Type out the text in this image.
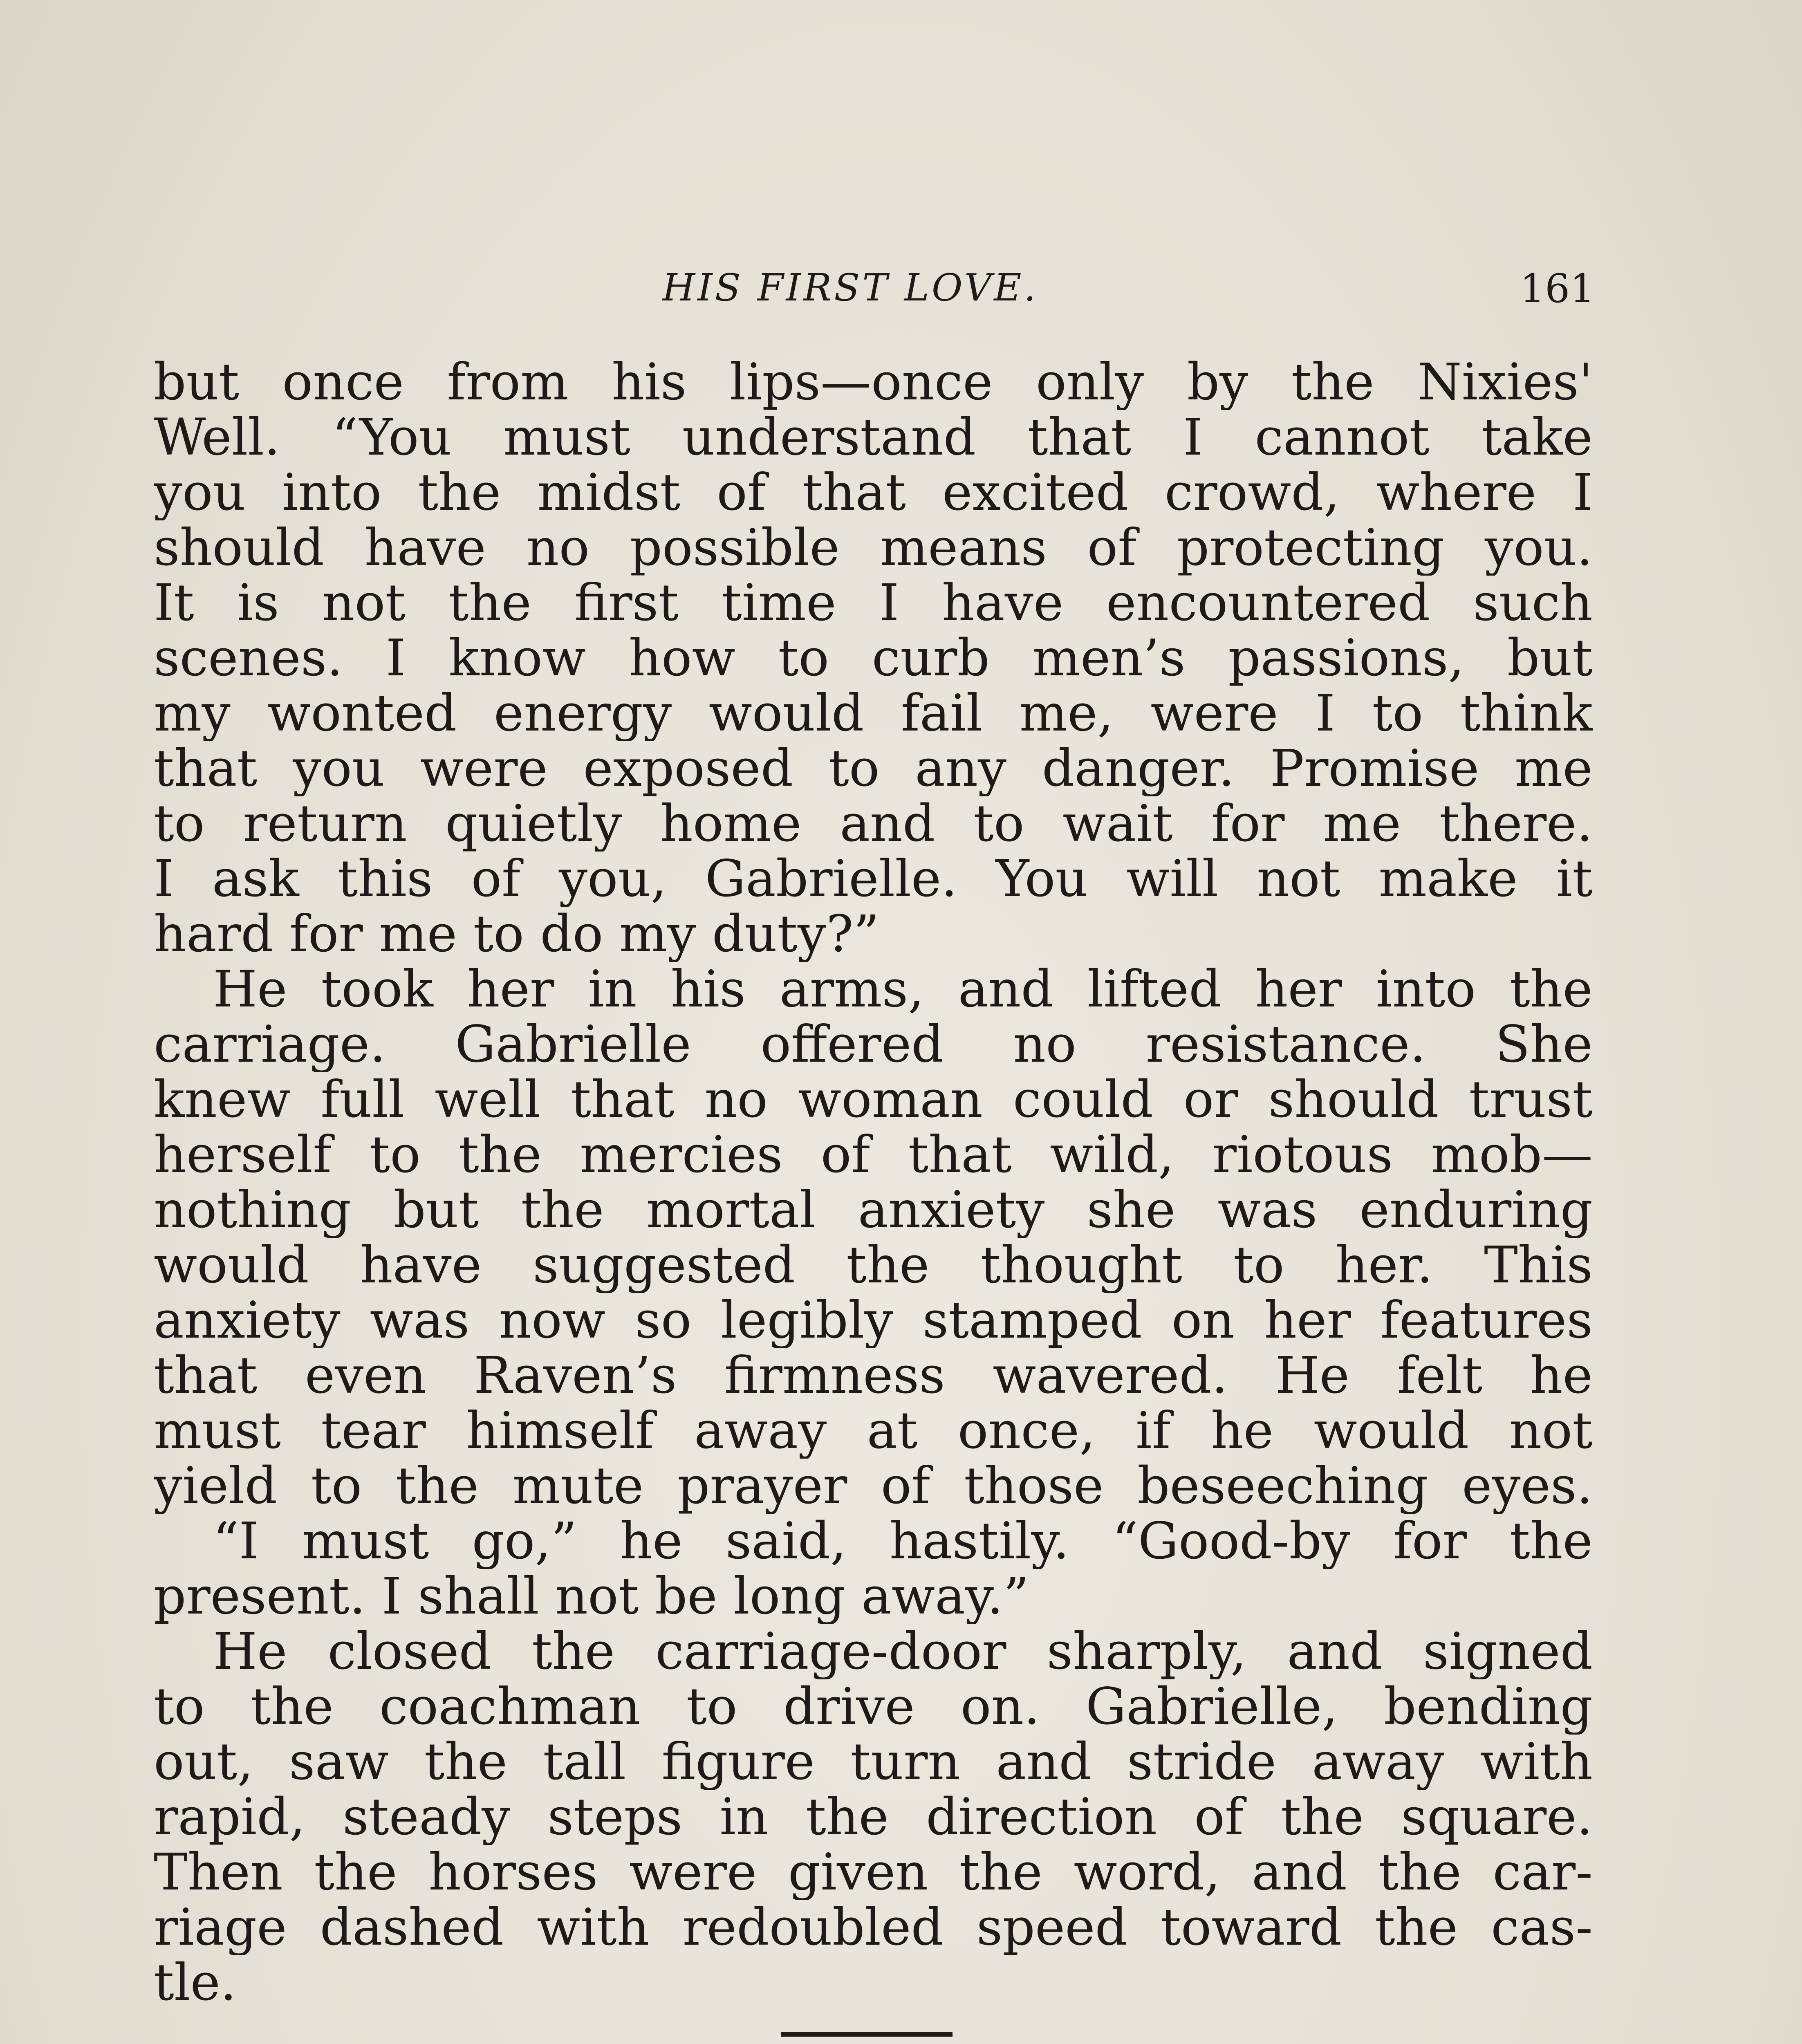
HIS FIRST LOVE.	161
but once from his lips—once only by the Nixies'
Well. “You must understand that I cannot take
you into the midst of that excited crowd, where I
should have no possible means of protecting you.
It is not the first time I have encountered such
scenes. I know how to curb men’s passions, but
my wonted energy would fail me, were I to think
that you were exposed to any danger. Promise me
to return quietly home and to wait for me there.
I ask this of you, Gabrielle. You will not make it
hard for me to do my duty?”
He took her in his arms, and lifted her into the
carriage. Gabrielle offered no resistance. She
knew full well that no woman could or should trust
herself to the mercies of that wild, riotous mob—
nothing but the mortal anxiety she was enduring
would have suggested the thought to her. This
anxiety was now so legibly stamped on her features
that even Raven’s firmness wavered. He felt he
must tear himself away at once, if he would not
yield to the mute prayer of those beseeching eyes.
“I must go,” he said, hastily. “Good-by for the
present. I shall not be long away.”
He closed the carriage-door sharply, and signed
to the coachman to drive on. Gabrielle, bending
out, saw the tall figure turn and stride away with
rapid, steady steps in the direction of the square.
Then the horses were given the word, and the car-
riage dashed with redoubled speed toward the cas-
tle.
